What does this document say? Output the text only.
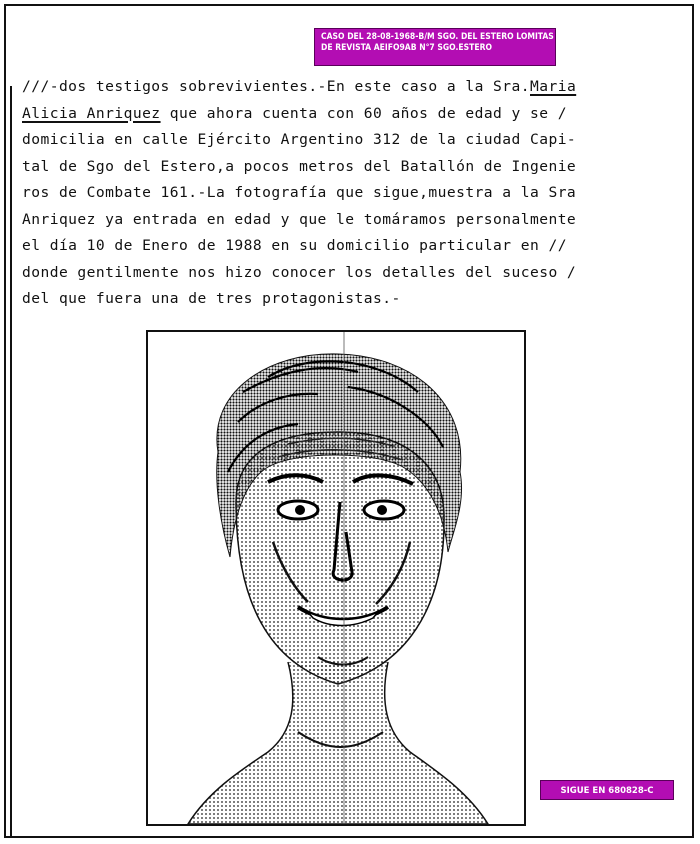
CASO DEL 28-08-1968-B/M SGO. DEL ESTERO LOMITAS
DE REVISTA AEIFO9AB N°7 SGO.ESTERO
///-dos testigos sobrevivientes.-En este caso a la Sra.Maria
Alicia Anriquez que ahora cuenta con 60 años de edad y se /
domicilia en calle Ejército Argentino 312 de la ciudad Capi-
tal de Sgo del Estero,a pocos metros del Batallón de Ingenie
ros de Combate 161.-La fotografía que sigue,muestra a la Sra
Anriquez ya entrada en edad y que le tomáramos personalmente
el día 10 de Enero de 1988 en su domicilio particular en //
donde gentilmente nos hizo conocer los detalles del suceso /
del que fuera una de tres protagonistas.-
SIGUE EN 680828-C
